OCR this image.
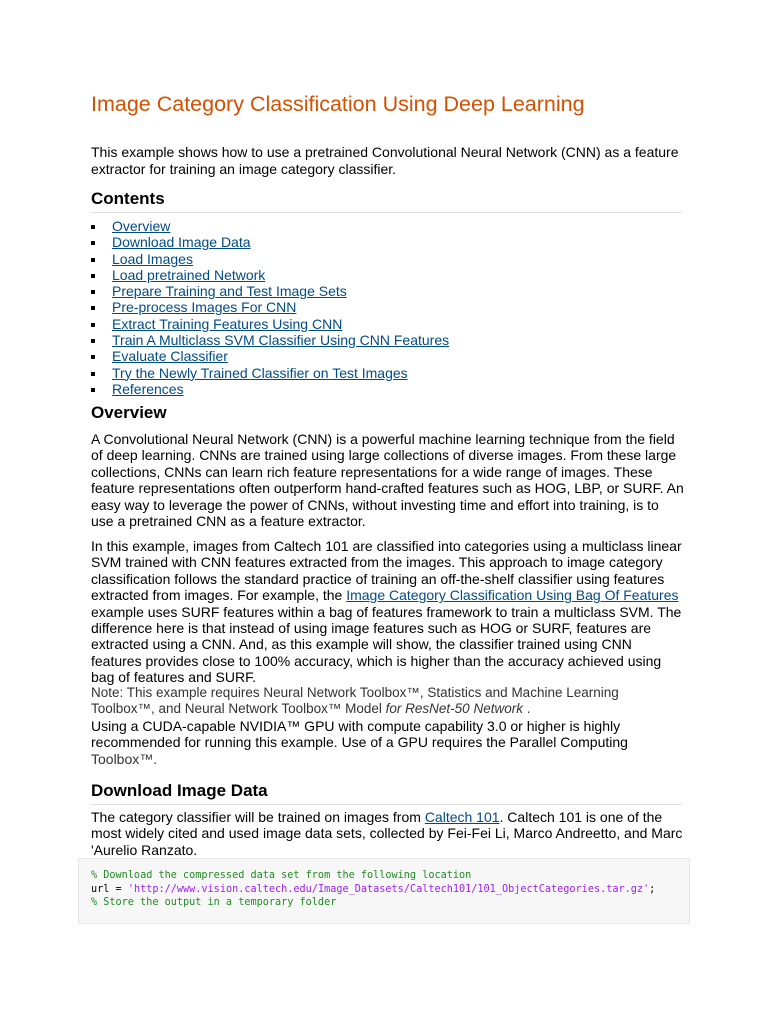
Image Category Classification Using Deep Learning

This example shows how to use a pretrained Convolutional Neural Network (CNN) as a feature extractor for training an image category classifier.

Contents
Overview
Download Image Data
Load Images
Load pretrained Network
Prepare Training and Test Image Sets
Pre-process Images For CNN
Extract Training Features Using CNN
Train A Multiclass SVM Classifier Using CNN Features
Evaluate Classifier
Try the Newly Trained Classifier on Test Images
References
Overview

A Convolutional Neural Network (CNN) is a powerful machine learning technique from the field of deep learning. CNNs are trained using large collections of diverse images. From these large collections, CNNs can learn rich feature representations for a wide range of images. These feature representations often outperform hand-crafted features such as HOG, LBP, or SURF. An easy way to leverage the power of CNNs, without investing time and effort into training, is to use a pretrained CNN as a feature extractor.

In this example, images from Caltech 101 are classified into categories using a multiclass linear SVM trained with CNN features extracted from the images. This approach to image category classification follows the standard practice of training an off-the-shelf classifier using features extracted from images. For example, the Image Category Classification Using Bag Of Features example uses SURF features within a bag of features framework to train a multiclass SVM. The difference here is that instead of using image features such as HOG or SURF, features are extracted using a CNN. And, as this example will show, the classifier trained using CNN features provides close to 100% accuracy, which is higher than the accuracy achieved using bag of features and SURF.

Note: This example requires Neural Network Toolbox™, Statistics and Machine Learning Toolbox™, and Neural Network Toolbox™ Model for ResNet-50 Network .

Using a CUDA-capable NVIDIA™ GPU with compute capability 3.0 or higher is highly recommended for running this example. Use of a GPU requires the Parallel Computing Toolbox™.

Download Image Data

The category classifier will be trained on images from Caltech 101. Caltech 101 is one of the most widely cited and used image data sets, collected by Fei-Fei Li, Marco Andreetto, and Marc 'Aurelio Ranzato.

% Download the compressed data set from the following location
url = 'http://www.vision.caltech.edu/Image_Datasets/Caltech101/101_ObjectCategories.tar.gz';
% Store the output in a temporary folder
